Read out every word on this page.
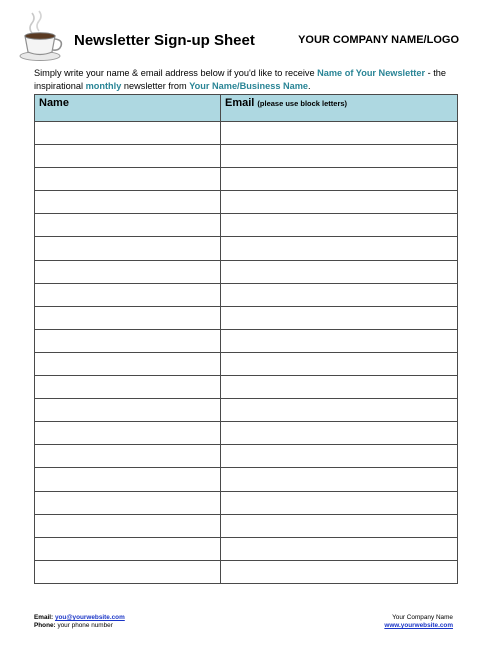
Newsletter Sign-up Sheet	YOUR COMPANY NAME/LOGO
Simply write your name & email address below if you'd like to receive Name of Your Newsletter - the inspirational monthly newsletter from Your Name/Business Name.
Name	Email (please use block letters)

Email: you@yourwebsite.com
Phone: your phone number
Your Company Name
www.yourwebsite.com
